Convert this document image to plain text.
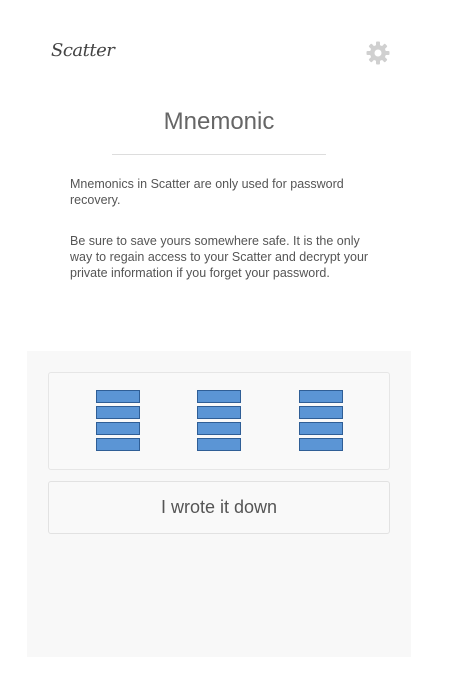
Scatter
Mnemonic
Mnemonics in Scatter are only used for password recovery.
Be sure to save yours somewhere safe. It is the only way to regain access to your Scatter and decrypt your private information if you forget your password.
I wrote it down
